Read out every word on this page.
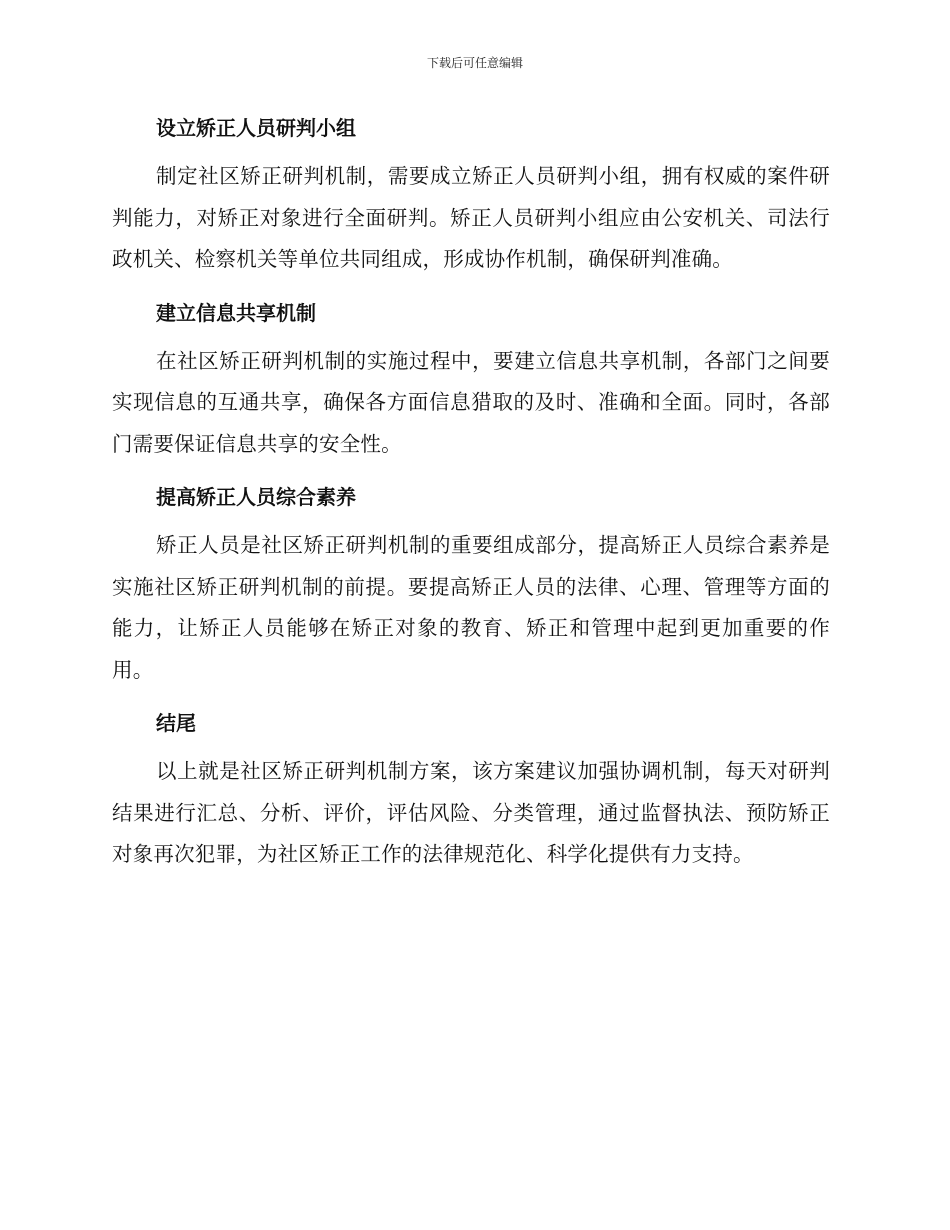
下载后可任意编辑
设立矫正人员研判小组

制定社区矫正研判机制，需要成立矫正人员研判小组，拥有权威的案件研判能力，对矫正对象进行全面研判。矫正人员研判小组应由公安机关、司法行政机关、检察机关等单位共同组成，形成协作机制，确保研判准确。

建立信息共享机制

在社区矫正研判机制的实施过程中，要建立信息共享机制，各部门之间要实现信息的互通共享，确保各方面信息猎取的及时、准确和全面。同时，各部门需要保证信息共享的安全性。

提高矫正人员综合素养

矫正人员是社区矫正研判机制的重要组成部分，提高矫正人员综合素养是实施社区矫正研判机制的前提。要提高矫正人员的法律、心理、管理等方面的能力，让矫正人员能够在矫正对象的教育、矫正和管理中起到更加重要的作用。

结尾

以上就是社区矫正研判机制方案，该方案建议加强协调机制，每天对研判结果进行汇总、分析、评价，评估风险、分类管理，通过监督执法、预防矫正对象再次犯罪，为社区矫正工作的法律规范化、科学化提供有力支持。
